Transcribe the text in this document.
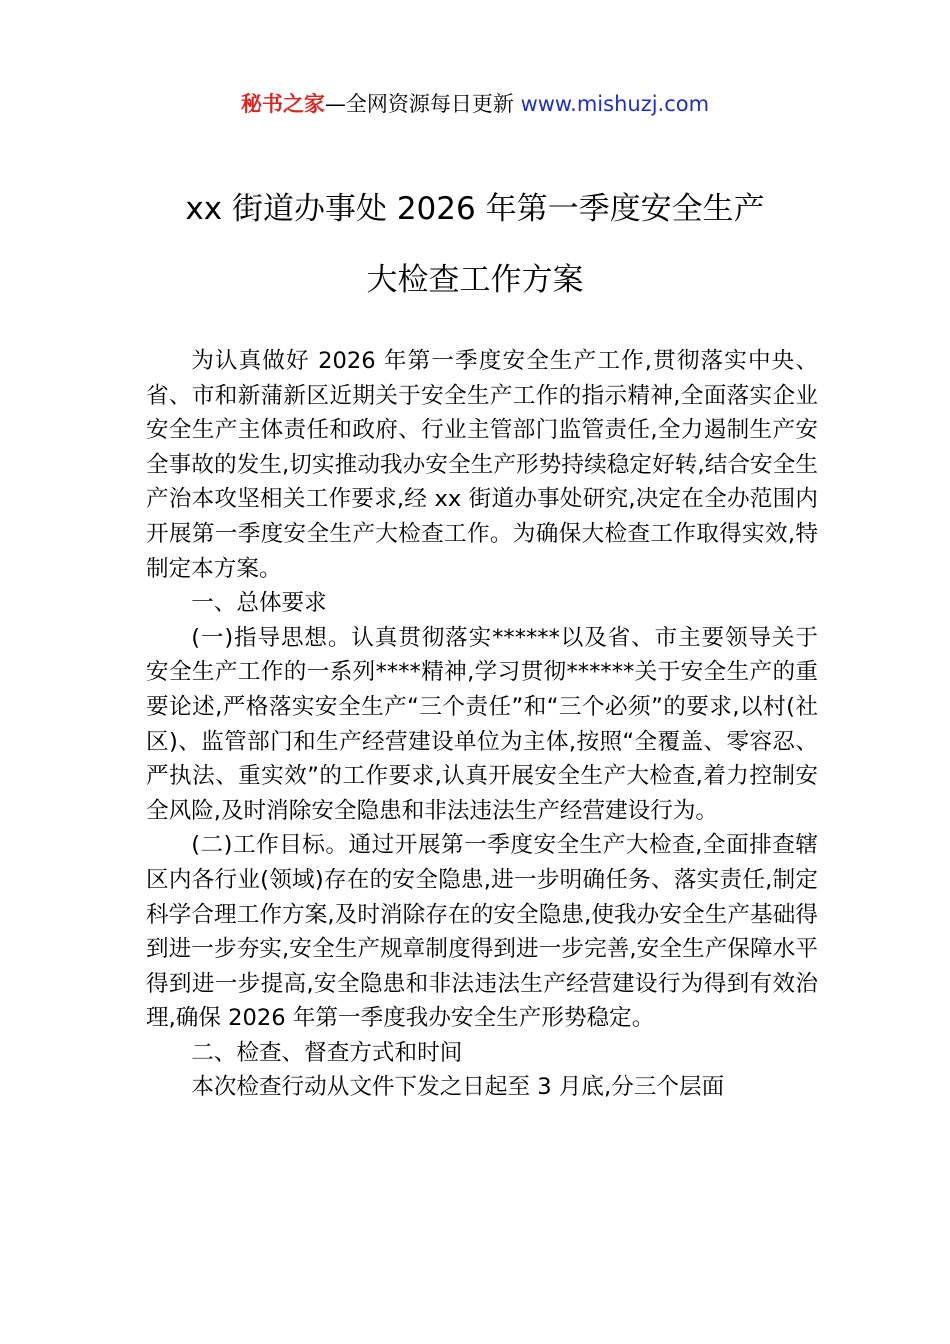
秘书之家—全网资源每日更新 www.mishuzj.com
xx 街道办事处 2026 年第一季度安全生产
大检查工作方案

为认真做好 2026 年第一季度安全生产工作,贯彻落实中央、省、市和新蒲新区近期关于安全生产工作的指示精神,全面落实企业安全生产主体责任和政府、行业主管部门监管责任,全力遏制生产安全事故的发生,切实推动我办安全生产形势持续稳定好转,结合安全生产治本攻坚相关工作要求,经 xx 街道办事处研究,决定在全办范围内开展第一季度安全生产大检查工作。为确保大检查工作取得实效,特制定本方案。

一、总体要求

(一)指导思想。认真贯彻落实******以及省、市主要领导关于安全生产工作的一系列****精神,学习贯彻******关于安全生产的重要论述,严格落实安全生产“三个责任”和“三个必须”的要求,以村(社区)、监管部门和生产经营建设单位为主体,按照“全覆盖、零容忍、严执法、重实效”的工作要求,认真开展安全生产大检查,着力控制安全风险,及时消除安全隐患和非法违法生产经营建设行为。

(二)工作目标。通过开展第一季度安全生产大检查,全面排查辖区内各行业(领域)存在的安全隐患,进一步明确任务、落实责任,制定科学合理工作方案,及时消除存在的安全隐患,使我办安全生产基础得到进一步夯实,安全生产规章制度得到进一步完善,安全生产保障水平得到进一步提高,安全隐患和非法违法生产经营建设行为得到有效治理,确保 2026 年第一季度我办安全生产形势稳定。

二、检查、督查方式和时间

本次检查行动从文件下发之日起至 3 月底,分三个层面
